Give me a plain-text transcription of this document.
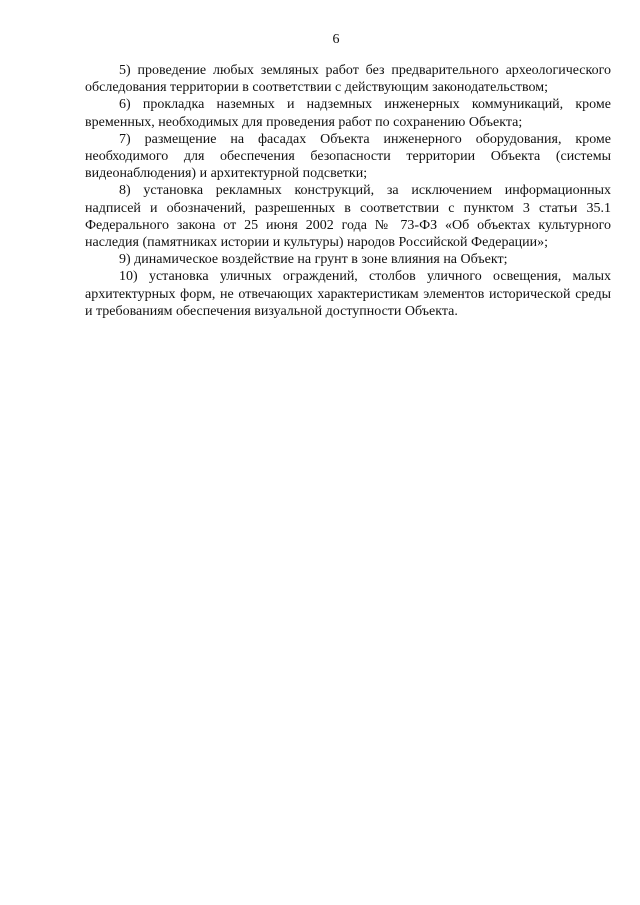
6

5) проведение любых земляных работ без предварительного археологического обследования территории в соответствии с действующим законодательством;

6) прокладка наземных и надземных инженерных коммуникаций, кроме временных, необходимых для проведения работ по сохранению Объекта;

7) размещение на фасадах Объекта инженерного оборудования, кроме необходимого для обеспечения безопасности территории Объекта (системы видеонаблюдения) и архитектурной подсветки;

8) установка рекламных конструкций, за исключением информационных надписей и обозначений, разрешенных в соответствии с пунктом 3 статьи 35.1 Федерального закона от 25 июня 2002 года № 73-ФЗ «Об объектах культурного наследия (памятниках истории и культуры) народов Российской Федерации»;

9) динамическое воздействие на грунт в зоне влияния на Объект;

10) установка уличных ограждений, столбов уличного освещения, малых архитектурных форм, не отвечающих характеристикам элементов исторической среды и требованиям обеспечения визуальной доступности Объекта.
